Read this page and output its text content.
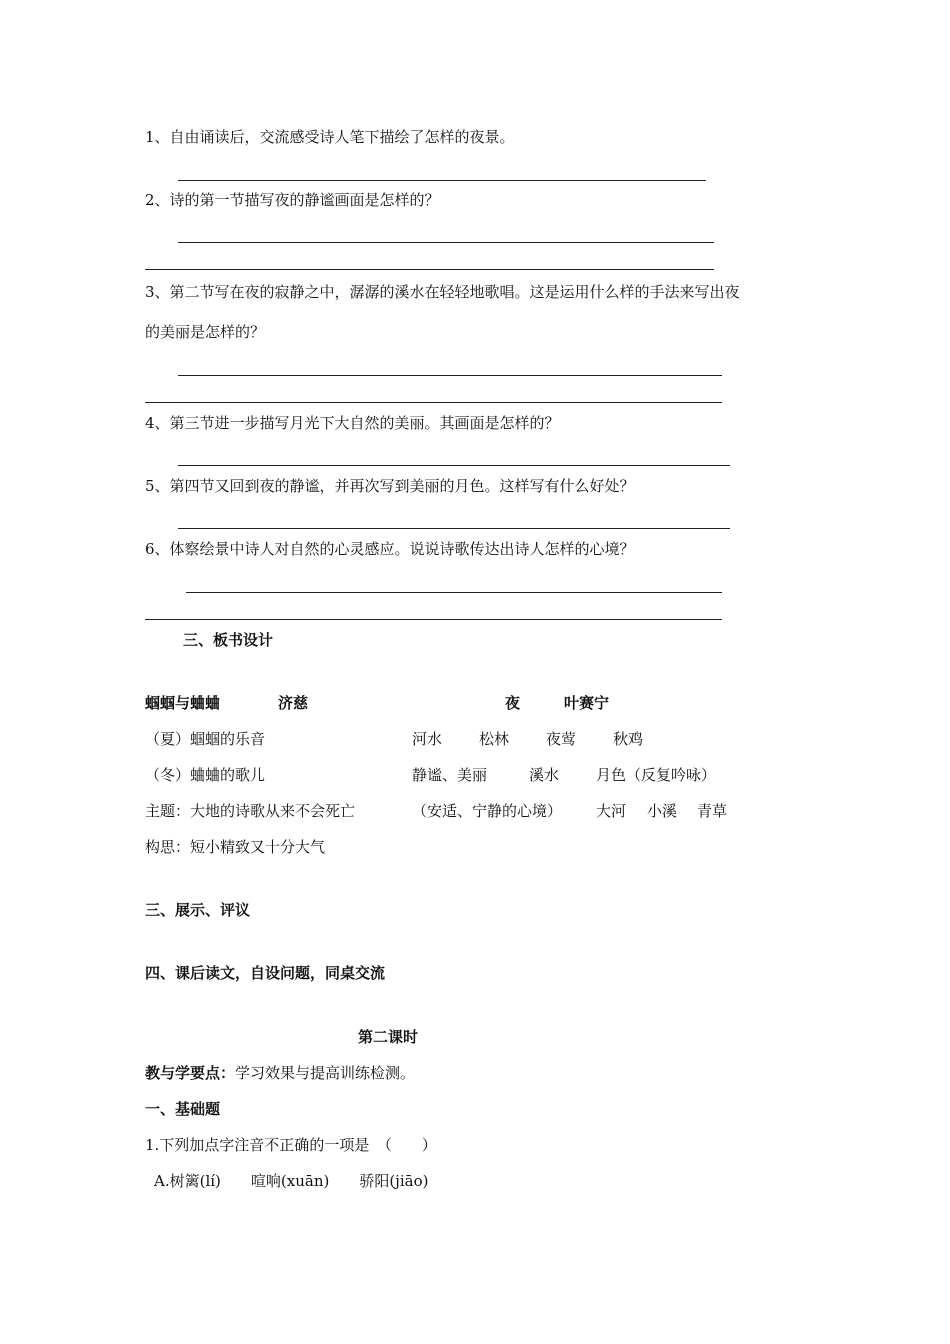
1、自由诵读后，交流感受诗人笔下描绘了怎样的夜景。
2、诗的第一节描写夜的静谧画面是怎样的？
3、第二节写在夜的寂静之中，潺潺的溪水在轻轻地歌唱。这是运用什么样的手法来写出夜
的美丽是怎样的？
4、第三节进一步描写月光下大自然的美丽。其画面是怎样的？
5、第四节又回到夜的静谧，并再次写到美丽的月色。这样写有什么好处？
6、体察绘景中诗人对自然的心灵感应。说说诗歌传达出诗人怎样的心境？
三、板书设计
蝈蝈与蛐蛐	济慈	夜	叶赛宁
（夏）蝈蝈的乐音	河水 松林 夜莺 秋鸡
（冬）蛐蛐的歌儿	静谧、美丽	溪水 月色（反复吟咏）
主题：大地的诗歌从来不会死亡	（安适、宁静的心境） 大河 小溪 青草
构思：短小精致又十分大气
三、展示、评议
四、课后读文，自设问题，同桌交流
第二课时
教与学要点：学习效果与提高训练检测。
一、基础题
1.下列加点字注音不正确的一项是　（　　）
A.树篱(lí)　　喧响(xuān)　　骄阳(jiāo)
